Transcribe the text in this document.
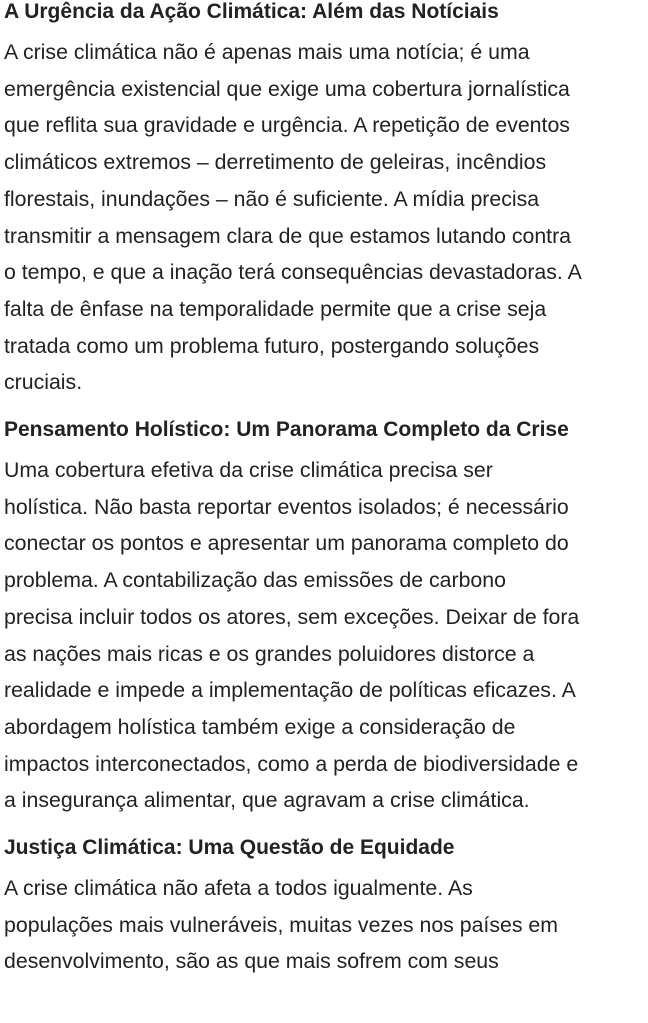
A Urgência da Ação Climática: Além das Notíciais

A crise climática não é apenas mais uma notícia; é uma
emergência existencial que exige uma cobertura jornalística
que reflita sua gravidade e urgência. A repetição de eventos
climáticos extremos – derretimento de geleiras, incêndios
florestais, inundações – não é suficiente. A mídia precisa
transmitir a mensagem clara de que estamos lutando contra
o tempo, e que a inação terá consequências devastadoras. A
falta de ênfase na temporalidade permite que a crise seja
tratada como um problema futuro, postergando soluções
cruciais.

Pensamento Holístico: Um Panorama Completo da Crise

Uma cobertura efetiva da crise climática precisa ser
holística. Não basta reportar eventos isolados; é necessário
conectar os pontos e apresentar um panorama completo do
problema. A contabilização das emissões de carbono
precisa incluir todos os atores, sem exceções. Deixar de fora
as nações mais ricas e os grandes poluidores distorce a
realidade e impede a implementação de políticas eficazes. A
abordagem holística também exige a consideração de
impactos interconectados, como a perda de biodiversidade e
a insegurança alimentar, que agravam a crise climática.

Justiça Climática: Uma Questão de Equidade

A crise climática não afeta a todos igualmente. As
populações mais vulneráveis, muitas vezes nos países em
desenvolvimento, são as que mais sofrem com seus
